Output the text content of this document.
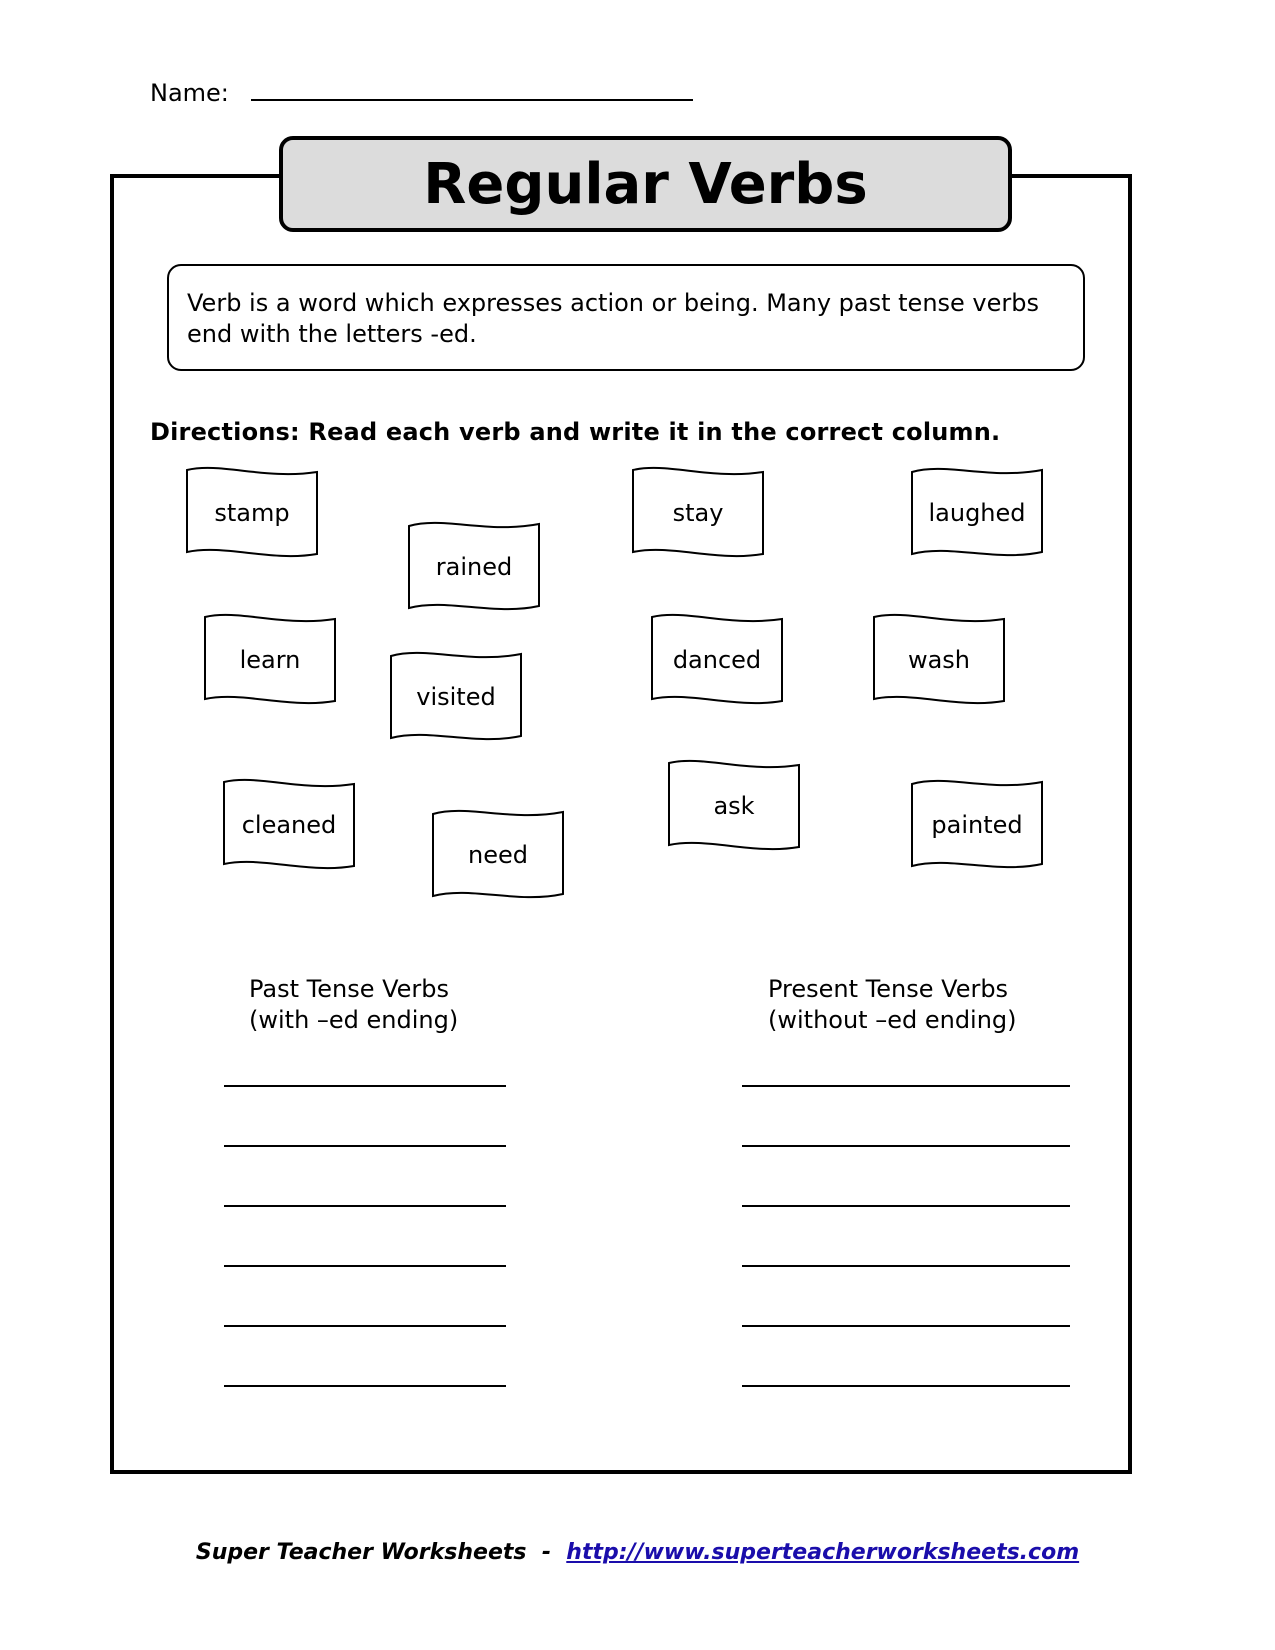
Name:
Regular Verbs
Verb is a word which expresses action or being. Many past tense verbs end with the letters -ed.
Directions: Read each verb and write it in the correct column.
stamp
rained
stay	laughed
learn
visited
danced	wash
cleaned
need
ask
painted
Past Tense Verbs
(with –ed ending)
Present Tense Verbs
(without –ed ending)
Super Teacher Worksheets - http://www.superteacherworksheets.com
